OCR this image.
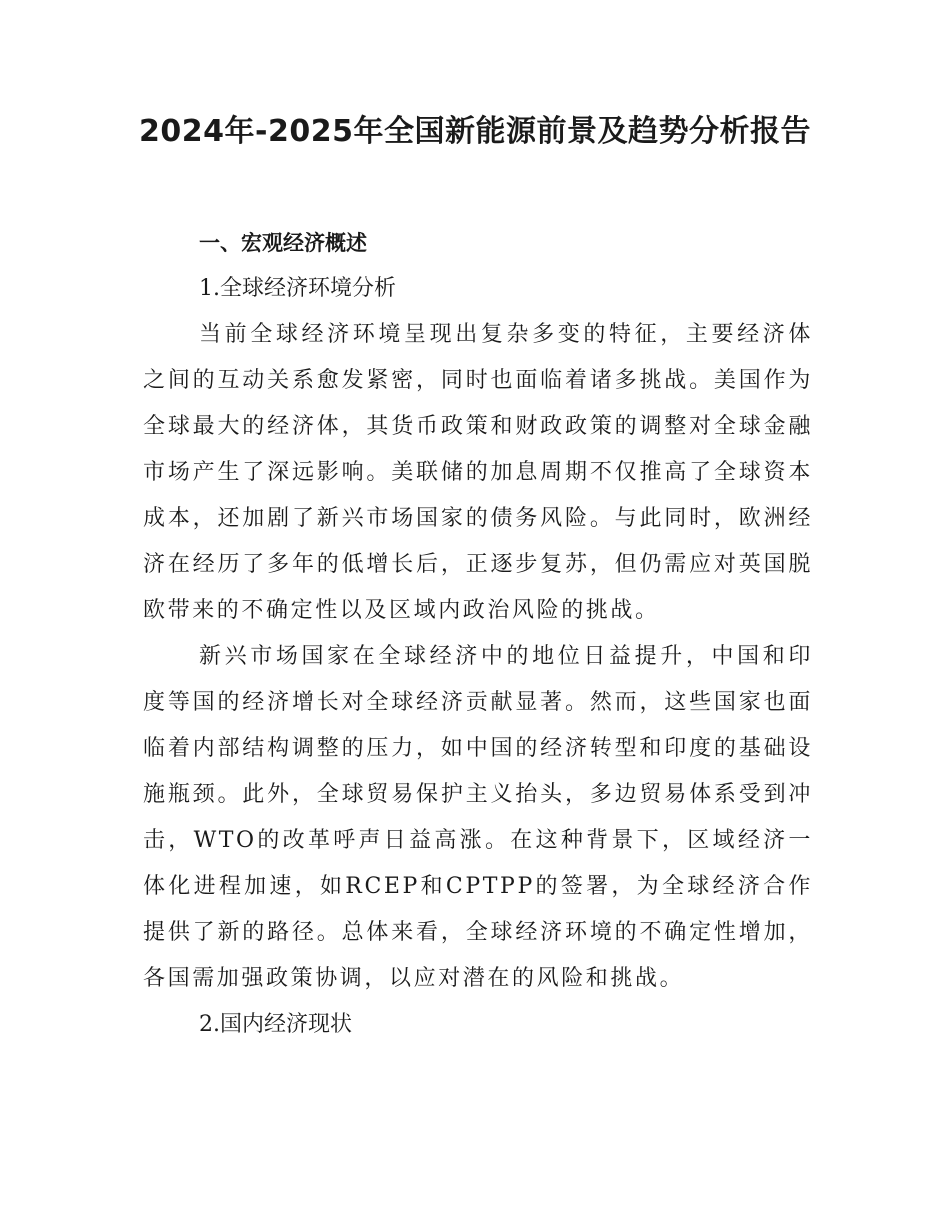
2024年-2025年全国新能源前景及趋势分析报告
一、宏观经济概述
1.全球经济环境分析

当前全球经济环境呈现出复杂多变的特征，主要经济体之间的互动关系愈发紧密，同时也面临着诸多挑战。美国作为全球最大的经济体，其货币政策和财政政策的调整对全球金融市场产生了深远影响。美联储的加息周期不仅推高了全球资本成本，还加剧了新兴市场国家的债务风险。与此同时，欧洲经济在经历了多年的低增长后，正逐步复苏，但仍需应对英国脱欧带来的不确定性以及区域内政治风险的挑战。

新兴市场国家在全球经济中的地位日益提升，中国和印度等国的经济增长对全球经济贡献显著。然而，这些国家也面临着内部结构调整的压力，如中国的经济转型和印度的基础设施瓶颈。此外，全球贸易保护主义抬头，多边贸易体系受到冲击，WTO的改革呼声日益高涨。在这种背景下，区域经济一体化进程加速，如RCEP和CPTPP的签署，为全球经济合作提供了新的路径。总体来看，全球经济环境的不确定性增加，各国需加强政策协调，以应对潜在的风险和挑战。

2.国内经济现状
